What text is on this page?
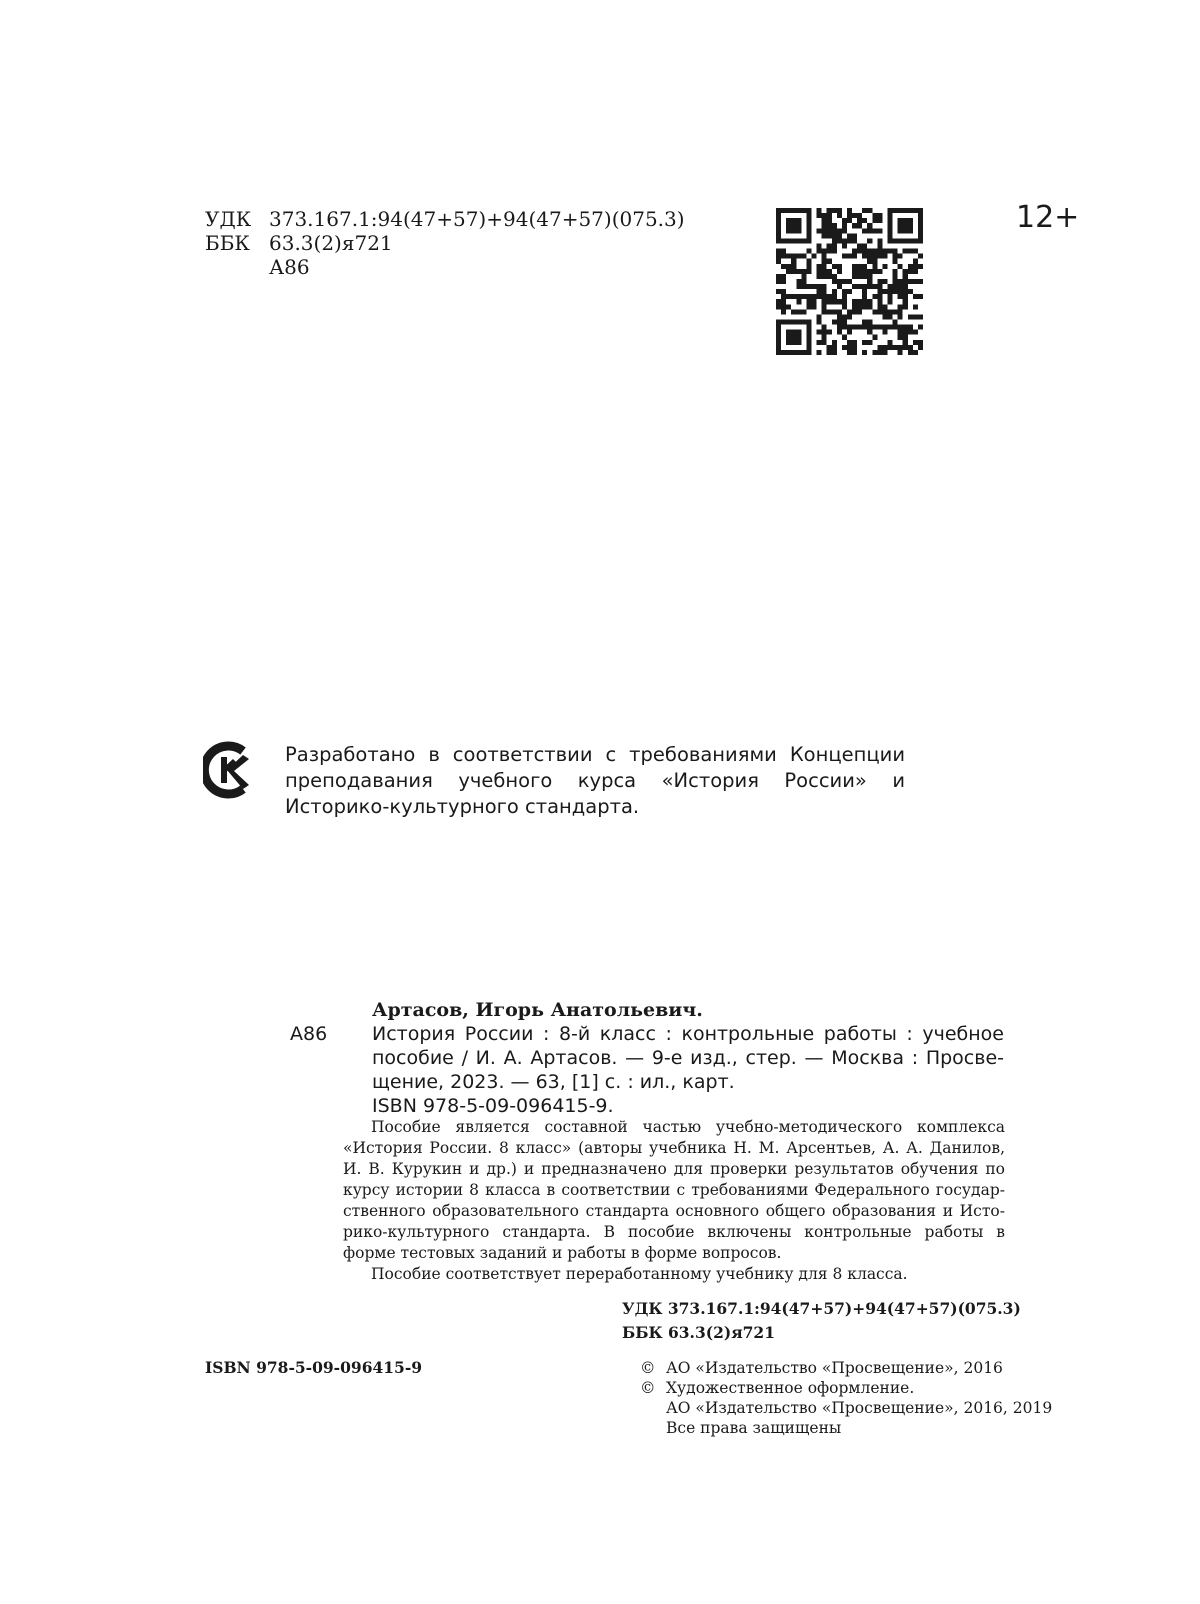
УДК 373.167.1:94(47+57)+94(47+57)(075.3)
ББК 63.3(2)я721
А86
12+
Разработано в соответствии с требованиями Концепции
преподавания учебного курса «История России» и
Историко-культурного стандарта.
Артасов, Игорь Анатольевич.
А86 История России : 8-й класс : контрольные работы : учебное
пособие / И. А. Артасов. — 9-е изд., стер. — Москва : Просве-
щение, 2023. — 63, [1] с. : ил., карт.
ISBN 978-5-09-096415-9.
Пособие является составной частью учебно-методического комплекса
«История России. 8 класс» (авторы учебника Н. М. Арсентьев, А. А. Данилов,
И. В. Курукин и др.) и предназначено для проверки результатов обучения по
курсу истории 8 класса в соответствии с требованиями Федерального государ-
ственного образовательного стандарта основного общего образования и Исто-
рико-культурного стандарта. В пособие включены контрольные работы в
форме тестовых заданий и работы в форме вопросов.
Пособие соответствует переработанному учебнику для 8 класса.
УДК 373.167.1:94(47+57)+94(47+57)(075.3)
ББК 63.3(2)я721
ISBN 978-5-09-096415-9	© АО «Издательство «Просвещение», 2016
© Художественное оформление.
АО «Издательство «Просвещение», 2016, 2019
Все права защищены
